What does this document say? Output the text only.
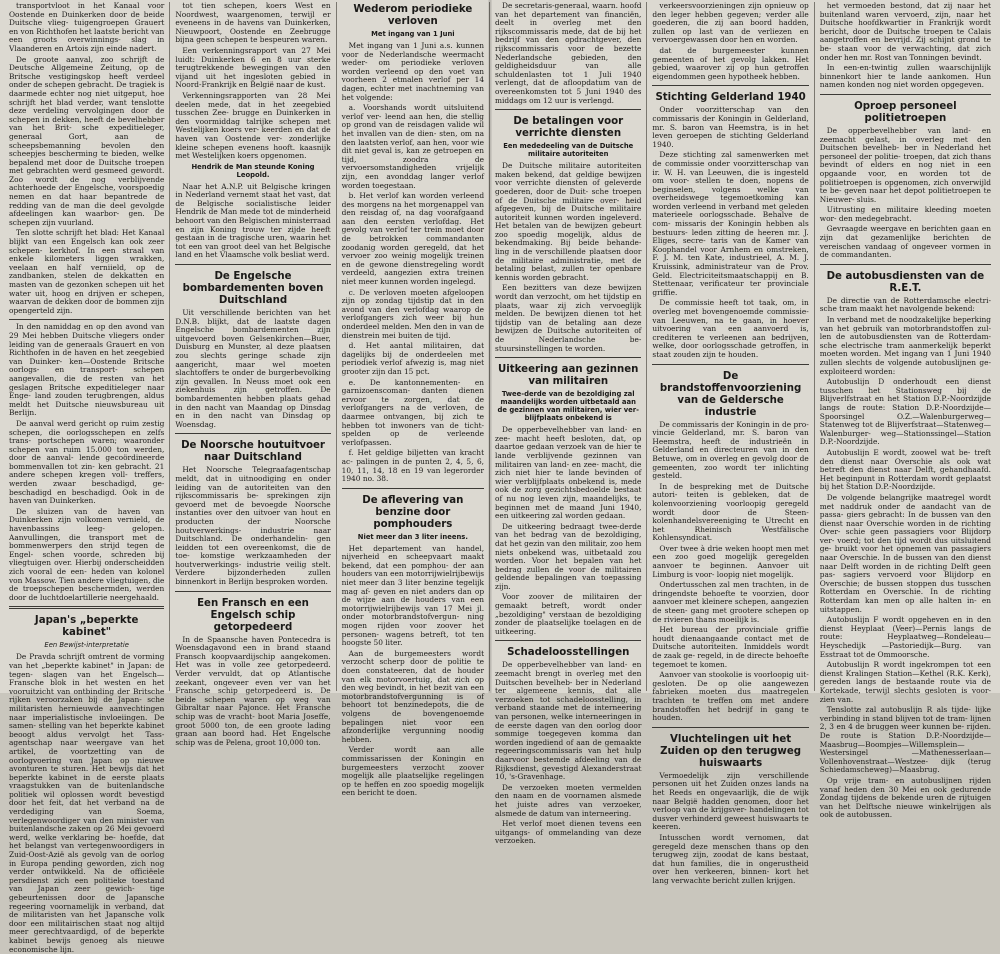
transportvloot in het Kanaal voor Oostende en Duinkerken door de beide Duitsche vlieg- tuigengroepen Grauert en von Richthofen het laatste bericht van een groots overwinnings- slag in Vlaanderen en Artois zijn einde nadert.

De groote aanval, zoo schrijft de Deutsche Allgemeine Zeitung, op de Britsche vestigingskop heeft verdeel onder de schepen gebracht. De tragiek is daarmede echter nog niet uitgeput, hoe schrijft het blad verder, want tenslotte deze verdeling vervolgingen door de schepen in dekken, heeft de bevelhebber van het Brit- sche expeditieleger, generaal Gort, aan de scheepsbemanning bevolen den scheepjes bescherming te bieden, welke bepalend met door de Duitsche troepen met gebrachten werd gesmeed gewordt. Zoo wordt de nog verblijvende achterhoede der Engelsche, voorspoedig nemen en dat haar bepantrede de redding van de man die deel gevolgde afdeelingen kan waarbor- gen. De schepen zijn vuurland.

Ten slotte schrijft het blad: Het Kanaal blijkt van een Engelsch kan ook zeer schepen- kerkhof. In een straal van enkele kilometers liggen wrakken, veelaan en half verniield, op de zandbanken, stelen de dekkatten en masten van de gezonken schepen uit het water uit, hoog en drijven er schepen, waarvan de dekken door de bommen zijn opengerteld zijn.

In den namiddag en op den avond van 29 Mei hebben Duitsche vliegers onder leiding van de generaals Grauert en von Richthofen in de haven en het zeegebied van Duinker- ken—Oostende Britsche oorlogs- en transport- schepen aangevallen, die de resten van het geslagen Britsche expeditieleger naar Enge- land zouden terugbrengen, aldus meldt het Duitsche nieuwsbureau uit Berlijn.

De aanval werd gericht op ruim zestig schepen, die oorlogsschepen en zelfs trans- portschepen waren; waaronder schepen van ruim 15.000 ton werden, door de aanval- lende gecoördineerde bommenvallen tot zin- ken gebracht. 21 andere schepen kregen voll- treffers, werden zwaar beschadigd, ge- beschadigd en beschadigd. Ook in de haven van Duinkerken.

De sluizen van de haven van Duinkerken zijn volkomen vernield, de havenbassins leeg- gelopen. Aanvullingen, die transport met de bommenwerpers den strijd tegen de Engel- schen voorde, schreden bij vliegtuigen over. Hierbij onderscheidden zich vooral de een- heden van kolonel von Massow. Tien andere vliegtuigen, die de troepschepen beschermden, werden door de luchtdoelartillerie neergehaald.

Japan's „beperkte kabinet"
Een Bewijst-interpretatie

De Pravda schrijft omtrent de vorming van het „beperkte kabinet" in Japan: de tegen- slagen van het Engelsch—Fransche blok in het westen en het vooruitzicht van ontbinding der Britsche rijken veroorzaken bij de Japan- sche militaristen hernieuwde aanvechtingen naar imperialistische invloeiingen. De samen- stelling van het beperkte kabinet beoogt aldus vervolgt het Tass-agentschap naar weergave van het artikel, de voortzetting van de oorlogvoering van Japan op nieuwe avonturen te sturen. Het bewijs dat het beperkte kabinet in de eerste plaats vraagstukken van de buitenlandsche politiek wil oplossen wordt bevestigd door het feit, dat het verband na de verdediging van Soema, verlegenwoordiger van den minister van buitenlandsche zaken op 26 Mei gevoerd werd, welke verklaring be- hoefde, dat het belangst van vertegenwoordigers in Zuid-Oost-Azië als gevolg van de oorlog in Europa pending geworden, zich nog verder ontwikkeld. Na de officiëele persdienst zich een politieke toestand van Japan zeer gewich- tige gebeurtenissen door de Japansche regeering voornamelijk in verband, dat de militaristen van het Japansche volk door een militairischen staat nog altijd meer gerechtvaardigd, of de beperkte kabinet bewijs genoeg als nieuwe economische lijn.

tot tien schepen, koers West en Noordwest, waargenomen, terwijl er eveneens in de havens van Duinkerken, Nieuwpoort, Oostende en Zeebrugge bijna geen schepen te bespeuren waren.

Een verkenningsrapport van 27 Mei luidt: Duinkerken 6 en 8 uur sterke terugtrekkende bewegingen van den vijand uit het ingesloten gebied in Noord-Frankrijk en België naar de kust.

Verkenningsrapporten van 28 Mei deelen mede, dat in het zeegebied tusschen Zee- brugge en Duinkerken in den voormiddag talrijke schepen met Westelijken koers ver- keerden en dat de haven van Oostende ver- zonderlijke kleine schepen evenens hooft. kaasnijk met Westelijken koers opgenomen.

Hendrik de Man steunde Koning Leopold.

Naar het A.N.P. uit Belgische kringen in Nederland vernemt staat het vast, dat de Belgische socialistische leider Hendrik de Man mede tot de minderheid behoort van den Belgischen ministerraad en zijn Koning trouw ter zijde heeft gestaan in de tragische uren, waarin het tot een van groot deel van het Belgische land en het Vlaamsche volk besliat werd.

De Engelsche bombardementen boven Duitschland

Uit verschillende berichten van het D.N.B. blijkt, dat de laatste dagen Engelsche bombardementen zijn uitgevoerd boven Gelsenkirchen—Buer, Duisburg en Munster, al deze plaatsen zou slechts geringe schade zijn aangericht, maar wel moeten slachtoffers te onder de burgerbevolking zijn gevallen. In Neuss moet ook een ziekenhuis zijn getroffen. De bombardementen hebben plaats gehad in den nacht van Maandag op Dinsdag en in den nacht van Dinsdag op Woensdag.

De Noorsche houtuitvoer naar Duitschland

Het Noorsche Telegraafagentschap meldt, dat in uitnoodiging en onder leiding van de autoriteiten van den rijkscommissaris be- sprekingen zijn gevoerd met de bevoegde Noorsche instanties over den uitvoer van hout en producten der Noorsche houtverwerkings- industrie naar Duitschland. De onderhandelin- gen leidden tot een overeenkomst, die de toe- komstige werkzaamheden der houtverwerkings- industrie veilig stelt. Verdere bijzonderheden zullen binnenkort in Berlijn besproken worden.

Een Fransch en een Engelsch schip getorpedeerd

In de Spaansche haven Pontecedra is Woensdagavond een in brand staand Fransch koopvaardijschip aangekomen. Het was in volle zee getorpedeerd. Verder vervuldt, dat op Atlantische zeekant, ongeveer even ver van het Fransche schip getorpedeerd is. De beide schepen waren op weg van Gibraltar naar Pajonce. Het Fransche schip was de vracht- boot Maria Joseffe, groot 5000 ton, de een groote lading graan aan boord had. Het Engelsche schip was de Pelena, groot 10,000 ton.

Wederom periodieke verloven
Met ingang van 1 Juni

Met ingang van 1 Juni a.s. kunnen voor de Nederlandsche weermacht weder- om periodieke verloven worden verleend op den voet van voorheen 2 etmalen verlof per 14 dagen, echter met inachtneming van het volgende:

a. Voorshands wordt uitsluitend verlof ver- leend aan hen, die stellig op grond van de reisdagen valide wil het invallen van de dien- sten, om na den laatsten verlof, aan hen, voor wie dit niet geval is, kan ze getroepen en tijd, zoodra de vervoersomstandigheden vrijelijk zijn, een avonddag langer verlof worden toegestaan.

b. Het verlof kan worden verleend des morgens na het morgenappel van den reisdag of, na dag voorafgaand aan den eersten verlofdag. Het gevolg van verlof ter trein moet door de betrokken commandanten zoodanig worden geregeld, dat het vervoer zoo weinig mogelijk treinen en de gewone dienstregeling wordt verdeeld, aangezien extra treinen niet meer kunnen worden ingelegd.

c. De verloven moeten afgeloopen zijn op zondag tijdstip dat in den avond van den verlofdag waarop de verlofgangers zich weer bij hun onderdeel melden. Men den in van de dienstrein mei buiten de tijd.

d. Het aantal militairen, dat dagelijks bij de onderdeelen met periodiek verlof afwezig is, mag niet grooter zijn dan 15 pct.

e. De kantonnementen- en garnizoenscoman- danten dienen ervoor te zorgen, dat de verlofgangers na de verloven, de daarmee ontvangen, bij zich te hebben tot inwoners van de ticht- spelden op de verleende verlofpassen.

f. Het geldige biljetten van kracht ac- palingen in de punten 2, 4, 5, 6, 10, 11, 14, 18 en 19 van legerorder 1940 no. 38.

De aflevering van benzine door pomphouders
Niet meer dan 3 liter ineens.

Het departement van handel, nijverheid en scheepvaart maakt bekend, dat een pomphou- der aan houders van een motorrijwielrijbewijs niet meer dan 3 liter benzine tegelijk mag af- geven en niet anders dan op de wijze aan de houders van een motorrijwielrijbewijs van 17 Mei jl. onder motorbrandstofvergun- ning mogen rijden voor zoover het personen- wagens betreft, tot ten hoogste 50 liter.

Aan de burgemeesters wordt verzocht scherp door de politie te doen constateeren, dat de houder van elk motorvoertuig, dat zich op den weg bevindt, in het bezit van een motorbrandstofvergunning is of behoort tot benzinedepots, die de volgens de bovengenoemde bepalingen niet voor een afzonderlijke vergunning noodig hebben.

Verder wordt aan alle commissarissen der Koningin en burgemeesters verzocht zoover mogelijk alle plaatselijke regelingen op te heffen en zoo spoedig mogelijk een bericht te doen.

De secretaris-generaal, waarn. hoofd van het departement van financiën, deelt in overleg met den rijkscommissaris mede, dat de bij het bedrijf van den opdrachtgever, den rijkscommissaris voor de bezette Nederlandsche gebieden, den geldigheidsduur van alle schuldenlasten tot 1 Juli 1940 verlengt, dat de afloopdatum van de overeenkomsten tot 5 Juni 1940 des middags om 12 uur is verlengd.

De betalingen voor verrichte diensten
Een mededeeling van de Duitsche militaire autoriteiten

De Duitsche militaire autoriteiten maken bekend, dat geldige bewijzen voor verrichte diensten of geleverde goederen, door de Duit- sche troepen of de Duitsche militaire over- heid afgegeven, bij de Duitsche militaire autoriteit kunnen worden ingeleverd. Het betalen van de bewijzen gebeurt zoo spoedig mogelijk, aldus de bekendmaking. Bij beide behande- ling in de verschillende plaatsen door de militaire administratie, met de betaling belast, zullen ter openbare kennis worden gebracht.

Een bezitters van deze bewijzen wordt dan verzocht, om het tijdstip en plaats, waar zij zich vervoeglijk melden. De bewijzen dienen tot het tijdstip van de betaling aan deze bewijzen de Duitsche autoriteiten of de Nederlandsche be- stuursinstellingen te worden.

Uitkeering aan gezinnen van militairen
Twee-derde van de bezoldiging zal maandelijks worden uitbetaald aan de gezinnen van militairen, wier ver- blijfplaats onbekend is

De opperbevelhebber van land- en zee- macht heeft besloten, dat, op daartoe gedaan verzoek van de hier te lande verblijvende gezinnen van militairen van land- en zee- macht, die zich niet hier te lande bevinden of wier verblijfplaats onbekend is, mede ook de zorg gezichtsbedoelde bestaat of nu nog leven zijn, maandelijks, te beginnen met de maand Juni 1940, een uitkeering zal worden gedaan.

De uitkeering bedraagt twee-derde van het bedrag van de bezoldiging, dat het gezin van den militair, zoo hem niets onbekend was, uitbetaald zou worden. Voor het bepalen van het bedrag zullen de voor de militairen geldende bepalingen van toepassing zijn.

Voor zoover de militairen der gemaakt betreft, wordt onder „bezoldiging" verstaan de bezoldiging zonder de plaatselijke toelagen en de uitkeering.

Schadeloosstellingen

De opperbevelhebber van land- en zeemacht brengt in overleg met den Duitschen bevelheb- ber in Nederland ter algemeene kennis, dat alle verzoeken tot schadeloosstelling, in verband staande met de interneering van personen, welke interneeringen in de eerste dagen van den oorlog door sommige toegegeven komma dan worden ingediend of aan de gemaakte regeeringscommissaris van het hulp daarvoor bestemde afdeeling van de Rijksdienst, gevestigd Alexanderstraat 10, 's-Gravenhage.

De verzoeken moeten vermelden den naam en de voornamen alsmede het juiste adres van verzoeker, alsmede de datum van interneering.

Het verlof moet dienen tevens een uitgangs- of ommelanding van deze verzoeken.

verkeersvoorzieningen zijn opnieuw op den leger hebben gegeven; verder alle goederen, die zij aan boord hadden, zullen op last van de verliezen en vervoergewassen door hen en worden.

dat de burgemeester kunnen gemeenten of het gevolg lakken. Het gebied, waarover zij op hun getroffen eigendommen geen hypotheek hebben.

Stichting Gelderland 1940

Onder voorzitterschap van den commissaris der Koningin in Gelderland, mr. S. baron van Heemstra, is in het leven geroepen de stichting Gelderland 1940.

Deze stichting zal samenwerken met de commissie onder voorzitterschap van ir. W. H. van Leeuwen, die is ingesteld om voor- stellen te doen, nopens de beginselen, volgens welke van overheidswege tegemoetkoming kan worden verleend in verband met geleden materieele oorlogsschade. Behalve de com- missaris der Koningin hebben als bestuurs- leden zitting de heeren mr. J. Eliges, secre- taris van de Kamer van Koophandel voor Arnhem en omstreken, F. J. M. ten Kate, industrieel, A. M. J. Kruissink, administrateur van de Prov. Geld. Electriciteitsmaatschappij en B. Stettenaar, verificateur ter provinciale griffie.

De commissie heeft tot taak, om, in overleg met bovengenoemde commissie-van Leeuwen, na te gaan, in hoever uitvoering van een aanvoerd is, crediteren te verleenen aan bedrijven, welke, door oorlogsschade getroffen, in staat zouden zijn te houden.

De brandstoffenvoorziening van de Geldersche industrie

De commissaris der Koningin in de pro- vincie Gelderland, mr. S. baron van Heemstra, heeft de industrieën in Gelderland en directeuren van in den Betuwe, om in overleg en gevolg door de gemeenten, zoo wordt ter inlichting gesteld.

In de bespreking met de Duitsche autori- teiten is gebleken, dat de kolenvoorziening voorloopig geregeld wordt door de Steen- kolenhandelsvereeniging te Utrecht en het Rheinisch Westfälische Kohlensyndicat.

Over twee à drie weken hoopt men met een zoo goed mogelijk geregelden aanvoer te beginnen. Aanvoer uit Limburg is voor- loopig niet mogelijk.

Ondertusschen zal men trachten, in de dringendste behoefte te voorzien, door aanvoer met kleinere schepen, aangezien de steen- gang met grootere schepen op de rivieren thans moeilijk is.

Het bureau der provinciale griffie houdt dienaangaande contact met de Duitsche autoriteiten. Inmiddels wordt de zaak ge- regeld, in de directe behoefte tegemoet te komen.

Aanvoer van stookolie is voorloopig uit- gesloten. De op olie aangewezen fabrieken moeten dus maatregelen trachten te treffen om met andere brandstoffen het bedrijf in gang te houden.

Vluchtelingen uit het Zuiden op den terugweg huiswaarts

Vermoedelijk zijn verschillende personen uit het Zuiden onzes lands na het Reeds en ongevaarlijk, die de wijk naar België hadden genomen, door het verloop van de krijgsver- handelingen tot dusver verhinderd geweest huiswaarts te keeren.

Intusschen wordt vernomen, dat geregeld deze menschen thans op den terugweg zijn, zoodat de kans bestaat, dat hun families, die in ongerustheid over hen verkeeren, binnen- kort het lang verwachte bericht zullen krijgen.

het vermoeden bestond, dat zij naar het buitenland waren vervoerd, zijn, naar het Duitsche hoofdkwartier in Frankrijk wordt bericht, door de Duitsche troepen te Calais aangetroffen en bevrijd. Zij schijnt grond te be- staan voor de verwachting, dat zich onder hen mr. Rost van Tonningen bevindt.

In een-en-twintig zullen waarschijnlijk binnenkort hier te lande aankomen. Hun namen konden nog niet worden opgegeven.

Oproep personeel politietroepen

De opperbevelhebber van land- en zeemacht gelast, in overleg met den Duitschen bevelheb- ber in Nederland het personeel der politie- troepen, dat zich thans bevindt of elders en nog niet in een opgaande voor, en worden tot de politietroepen is opgenomen, zich onverwijld te be- geven naar het depot politietroepen te Nieuwer- sluis.

Uitrusting en militaire kleeding moeten wor- den medegebracht.

Gevraagde weergave en berichten gaan en zijn dat gezamenlijke berichten de vereischen vandaag of ongeveer vormen in de commandanten.

De autobusdiensten van de R.E.T.

De directie van de Rotterdamsche electri- sche tram maakt het navolgende bekend:

In verband met de noodzakelijke beperking van het gebruik van motorbrandstoffen zul- len de autobusdiensten van de Rotterdam- sche electrische tram aanmerkelijk beperkt moeten worden. Met ingang van 1 Juni 1940 zullen slechts de volgende autobuslijnen ge- exploiteerd worden:

Autobuslijn D onderhoudt een dienst tusschen het Stationsweg bij de Blijverlfstraat en het Station D.P.-Noordzijde langs de route: Station D.P.-Noordzijde—Spoorsingel O.Z.—Walenburgerweg—Statenweg tot de Blijverfstraat—Statenweg—Walenburger- weg—Stationssingel—Station D.P.-Noordzijde.

Autobuslijn E wordt, zoowel wat be- treft den dienst naar Overschie als ook wat betreft den dienst naar Delft, gehandhaafd. Het beginpunt in Rotterdam wordt geplaatst bij het Station D.P.-Noordzijde.

De volgende belangrijke maatregel wordt met naddruk onder de aandacht van de passa- giers gebracht: In de bussen van den dienst naar Overschie worden in de richting Over- schie geen passagiers voor Blijdorp ver- voerd; tot den tijd wordt dus uitsluitend ge- bruikt voor het opnemen van passagiers naar Overschie. In de bussen van den dienst naar Delft worden in de richting Delft geen pas- sagiers vervoerd voor Blijdorp en Overschie; de bussen stoppen dus tusschen Rotterdam en Overschie. In de richting Rotterdam kan men op alle halten in- en uitstappen.

Autobuslijn F wordt opgeheven en in den dienst Heyplaat (Veer)—Pernis langs de route: Heyplaatweg—Rondeleau—Heyschedijk —Pastoriedijk—Burg. van Esstraat tot de Ommoorsche.

Autobuslijn R wordt ingekrompen tot een dienst Kralingen Station—Kethel (R.K. Kerk), gereden langs de bestaande route via de Kortekade, terwijl slechts gesloten is voor- zien van.

Tenslotte zal autobuslijn R als tijde- lijke verbinding in stand blijven tot de tram- lijnen 2, 3 en 4 de bruggen weer kunnen be- rijden. De route is Station D.P.-Noordzijde— Maasbrug—Boompjes—Willemsplein—Westersingel —Mathenesserlaan—Vollenhovenstraat—Westzee- dijk (terug Schiedamscheweg)—Maasbrug.

Op vrije tram- en autobuslijnen rijden vanaf heden den 30 Mei en ook gedurende Zondag tijdens de bekende uren de rijtuigen van het Delftsche nieuwe winkelrijgen als ook de autobussen.
